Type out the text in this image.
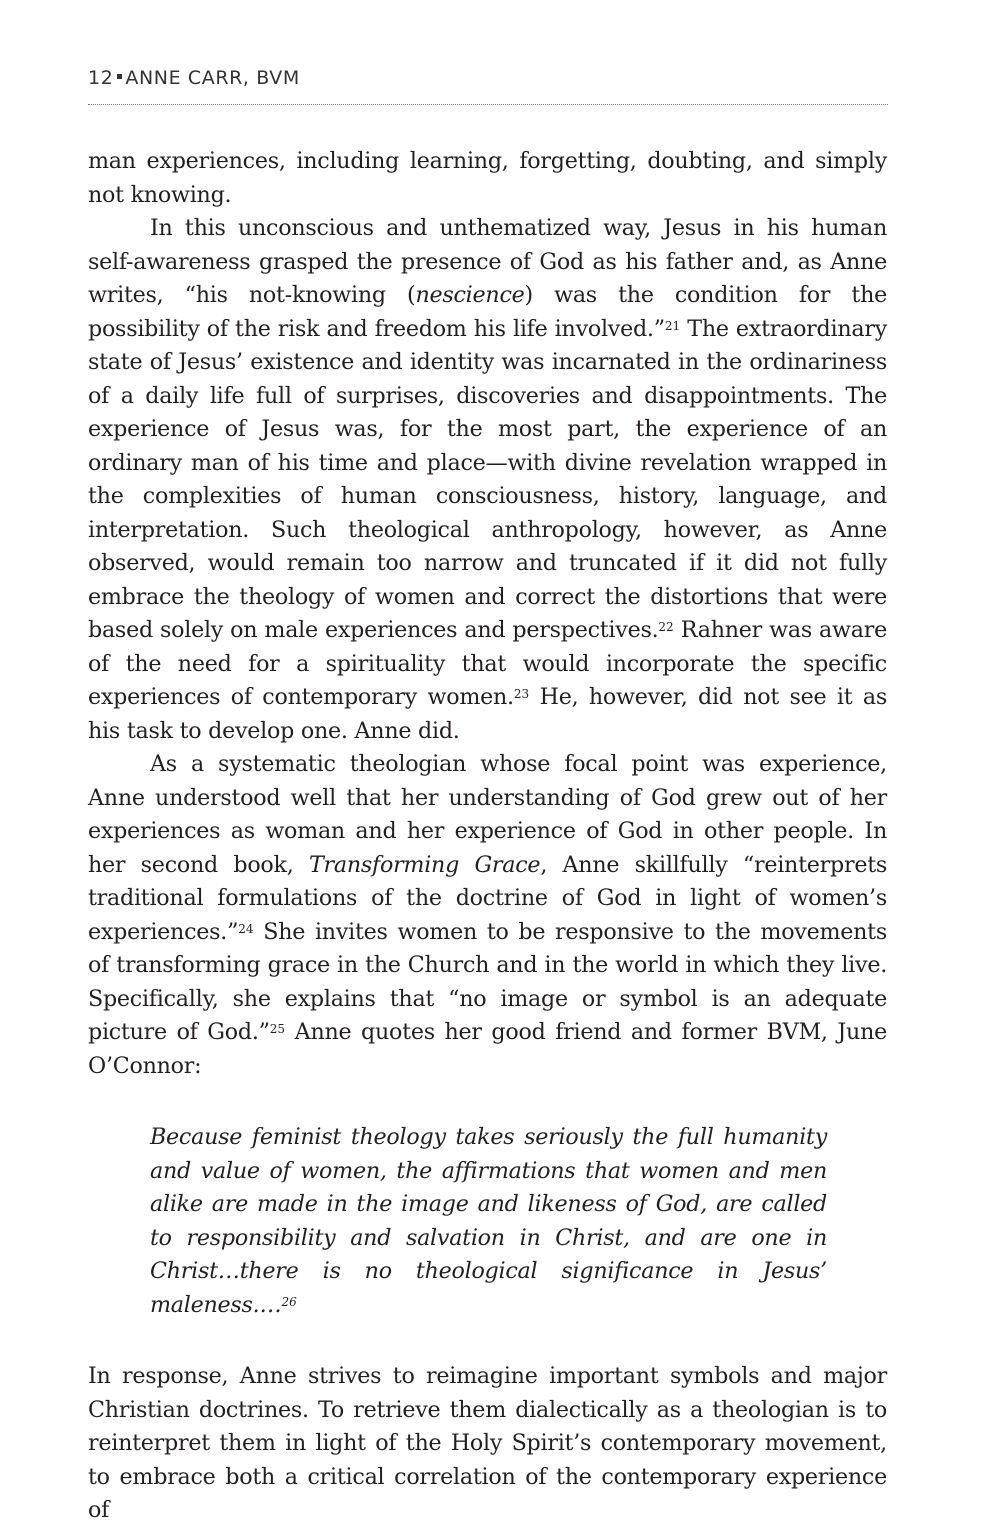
12 ANNE CARR, BVM

man experiences, including learning, forgetting, doubting, and simply not knowing.

In this unconscious and unthematized way, Jesus in his human self-awareness grasped the presence of God as his father and, as Anne writes, “his not-knowing (nescience) was the condition for the possibility of the risk and freedom his life involved.”$^{21}$ The extraordinary state of Jesus’ existence and identity was incarnated in the ordinariness of a daily life full of surprises, discoveries and disappointments. The experience of Jesus was, for the most part, the experience of an ordinary man of his time and place—with divine revelation wrapped in the complexities of human consciousness, history, language, and interpretation. Such theological anthropology, however, as Anne observed, would remain too narrow and truncated if it did not fully embrace the theology of women and correct the distortions that were based solely on male experiences and perspectives.$^{22}$ Rahner was aware of the need for a spirituality that would incorporate the specific experiences of contemporary women.$^{23}$ He, however, did not see it as his task to develop one. Anne did.

As a systematic theologian whose focal point was experience, Anne understood well that her understanding of God grew out of her experiences as woman and her experience of God in other people. In her second book, Transforming Grace, Anne skillfully “reinterprets traditional formulations of the doctrine of God in light of women’s experiences.”$^{24}$ She invites women to be responsive to the movements of transforming grace in the Church and in the world in which they live. Specifically, she explains that “no image or symbol is an adequate picture of God.”$^{25}$ Anne quotes her good friend and former BVM, June O’Connor:

Because feminist theology takes seriously the full humanity and value of women, the affirmations that women and men alike are made in the image and likeness of God, are called to responsibility and salvation in Christ, and are one in Christ…there is no theological significance in Jesus’ maleness.…$^{26}$

In response, Anne strives to reimagine important symbols and major Christian doctrines. To retrieve them dialectically as a theologian is to reinterpret them in light of the Holy Spirit’s contemporary movement, to embrace both a critical correlation of the contemporary experience of
